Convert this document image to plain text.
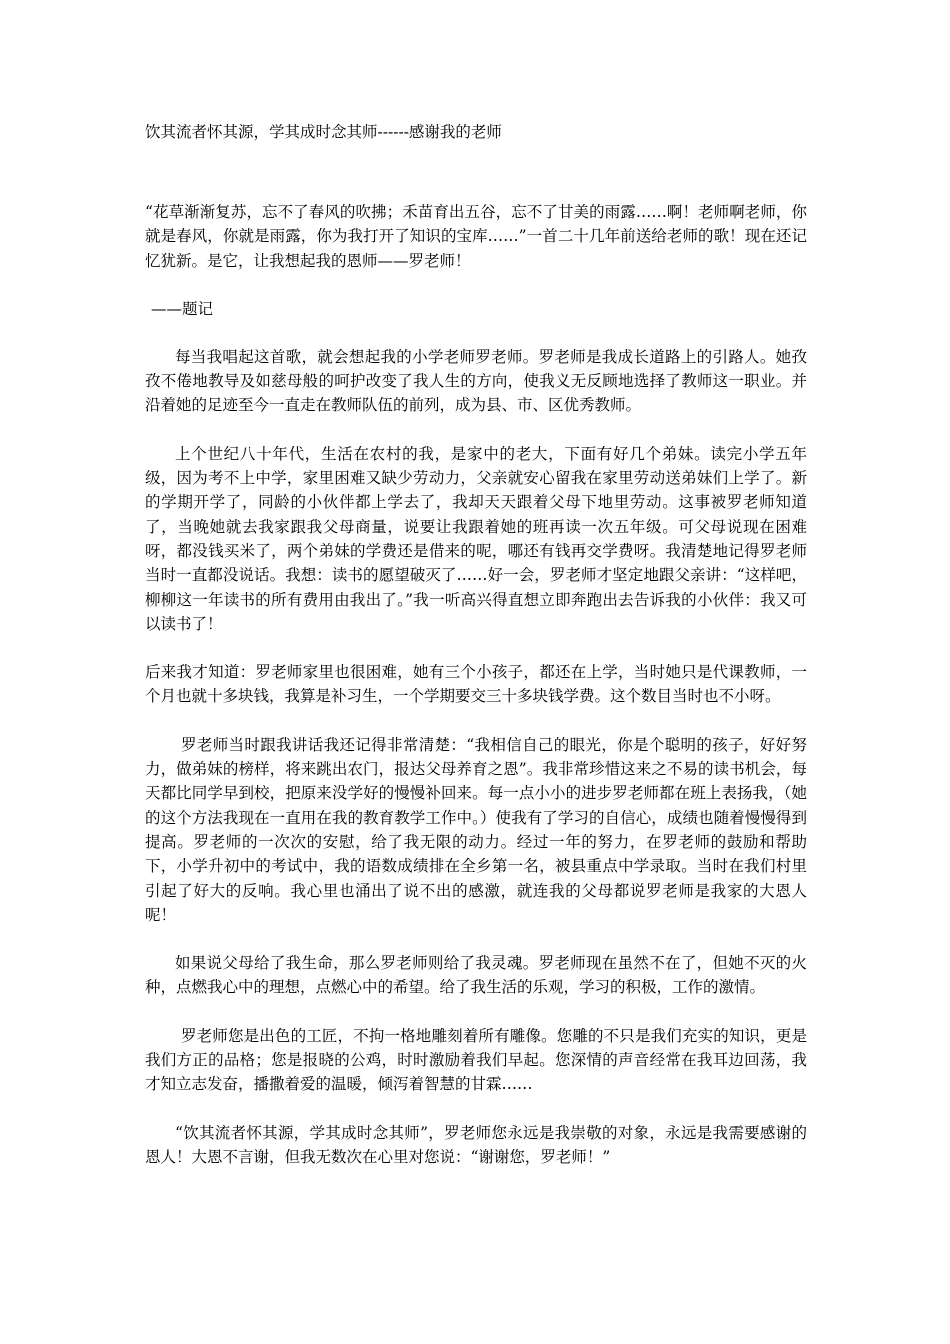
饮其流者怀其源，学其成时念其师------感谢我的老师

“花草渐渐复苏，忘不了春风的吹拂；禾苗育出五谷，忘不了甘美的雨露……啊！老师啊老师，你就是春风，你就是雨露，你为我打开了知识的宝库……”一首二十几年前送给老师的歌！现在还记忆犹新。是它，让我想起我的恩师——罗老师！

——题记

每当我唱起这首歌，就会想起我的小学老师罗老师。罗老师是我成长道路上的引路人。她孜孜不倦地教导及如慈母般的呵护改变了我人生的方向，使我义无反顾地选择了教师这一职业。并沿着她的足迹至今一直走在教师队伍的前列，成为县、市、区优秀教师。

上个世纪八十年代，生活在农村的我，是家中的老大，下面有好几个弟妹。读完小学五年级，因为考不上中学，家里困难又缺少劳动力，父亲就安心留我在家里劳动送弟妹们上学了。新的学期开学了，同龄的小伙伴都上学去了，我却天天跟着父母下地里劳动。这事被罗老师知道了，当晚她就去我家跟我父母商量，说要让我跟着她的班再读一次五年级。可父母说现在困难呀，都没钱买米了，两个弟妹的学费还是借来的呢，哪还有钱再交学费呀。我清楚地记得罗老师当时一直都没说话。我想：读书的愿望破灭了……好一会，罗老师才坚定地跟父亲讲：“这样吧，柳柳这一年读书的所有费用由我出了。”我一听高兴得直想立即奔跑出去告诉我的小伙伴：我又可以读书了！

后来我才知道：罗老师家里也很困难，她有三个小孩子，都还在上学，当时她只是代课教师，一个月也就十多块钱，我算是补习生，一个学期要交三十多块钱学费。这个数目当时也不小呀。

罗老师当时跟我讲话我还记得非常清楚：“我相信自己的眼光，你是个聪明的孩子，好好努力，做弟妹的榜样，将来跳出农门，报达父母养育之恩”。我非常珍惜这来之不易的读书机会，每天都比同学早到校，把原来没学好的慢慢补回来。每一点小小的进步罗老师都在班上表扬我，（她的这个方法我现在一直用在我的教育教学工作中。）使我有了学习的自信心，成绩也随着慢慢得到提高。罗老师的一次次的安慰，给了我无限的动力。经过一年的努力，在罗老师的鼓励和帮助下，小学升初中的考试中，我的语数成绩排在全乡第一名，被县重点中学录取。当时在我们村里引起了好大的反响。我心里也涌出了说不出的感激，就连我的父母都说罗老师是我家的大恩人呢！

如果说父母给了我生命，那么罗老师则给了我灵魂。罗老师现在虽然不在了，但她不灭的火种，点燃我心中的理想，点燃心中的希望。给了我生活的乐观，学习的积极，工作的激情。

罗老师您是出色的工匠，不拘一格地雕刻着所有雕像。您雕的不只是我们充实的知识，更是我们方正的品格；您是报晓的公鸡，时时激励着我们早起。您深情的声音经常在我耳边回荡，我才知立志发奋，播撒着爱的温暖，倾泻着智慧的甘霖……

“饮其流者怀其源，学其成时念其师”，罗老师您永远是我崇敬的对象，永远是我需要感谢的恩人！大恩不言谢，但我无数次在心里对您说：“谢谢您，罗老师！”
